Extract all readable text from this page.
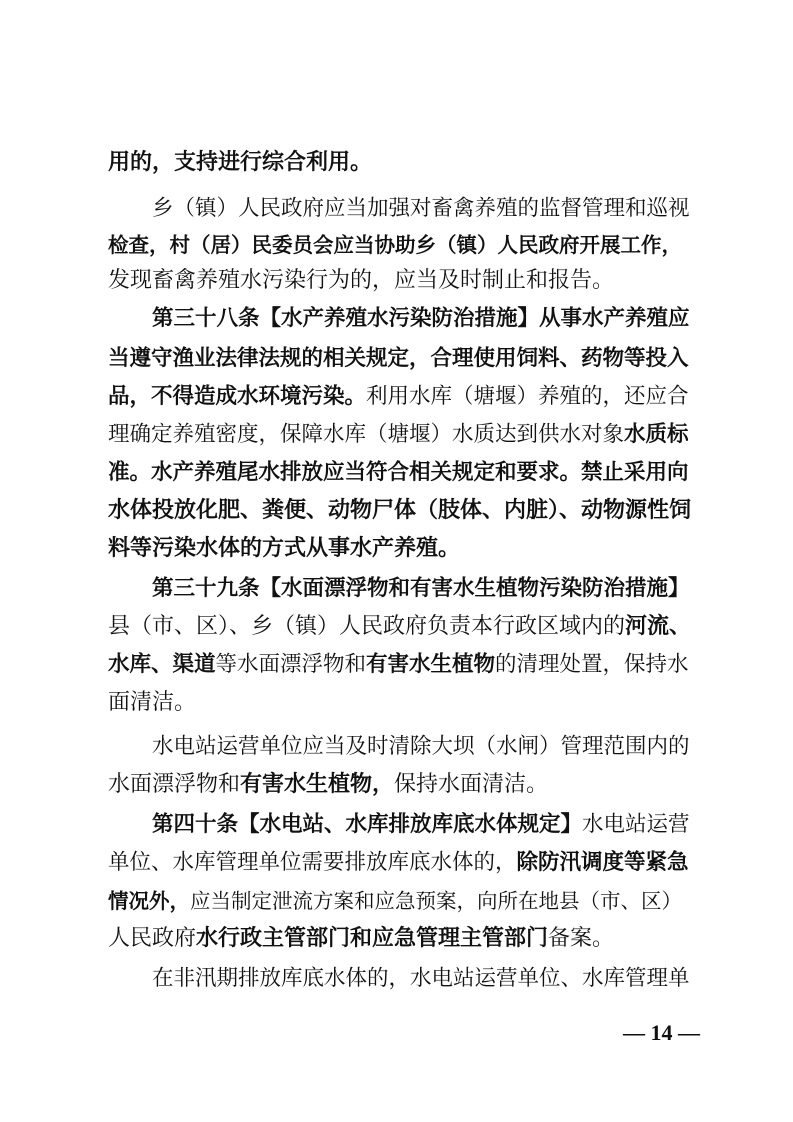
用的，支持进行综合利用。
乡（镇）人民政府应当加强对畜禽养殖的监督管理和巡视
检查，村（居）民委员会应当协助乡（镇）人民政府开展工作，
发现畜禽养殖水污染行为的，应当及时制止和报告。
第三十八条【水产养殖水污染防治措施】从事水产养殖应
当遵守渔业法律法规的相关规定，合理使用饲料、药物等投入
品，不得造成水环境污染。利用水库（塘堰）养殖的，还应合
理确定养殖密度，保障水库（塘堰）水质达到供水对象水质标
准。水产养殖尾水排放应当符合相关规定和要求。禁止采用向
水体投放化肥、粪便、动物尸体（肢体、内脏）、动物源性饲
料等污染水体的方式从事水产养殖。
第三十九条【水面漂浮物和有害水生植物污染防治措施】
县（市、区）、乡（镇）人民政府负责本行政区域内的河流、
水库、渠道等水面漂浮物和有害水生植物的清理处置，保持水
面清洁。
水电站运营单位应当及时清除大坝（水闸）管理范围内的
水面漂浮物和有害水生植物，保持水面清洁。
第四十条【水电站、水库排放库底水体规定】水电站运营
单位、水库管理单位需要排放库底水体的，除防汛调度等紧急
情况外，应当制定泄流方案和应急预案，向所在地县（市、区）
人民政府水行政主管部门和应急管理主管部门备案。
在非汛期排放库底水体的，水电站运营单位、水库管理单
— 14 —
